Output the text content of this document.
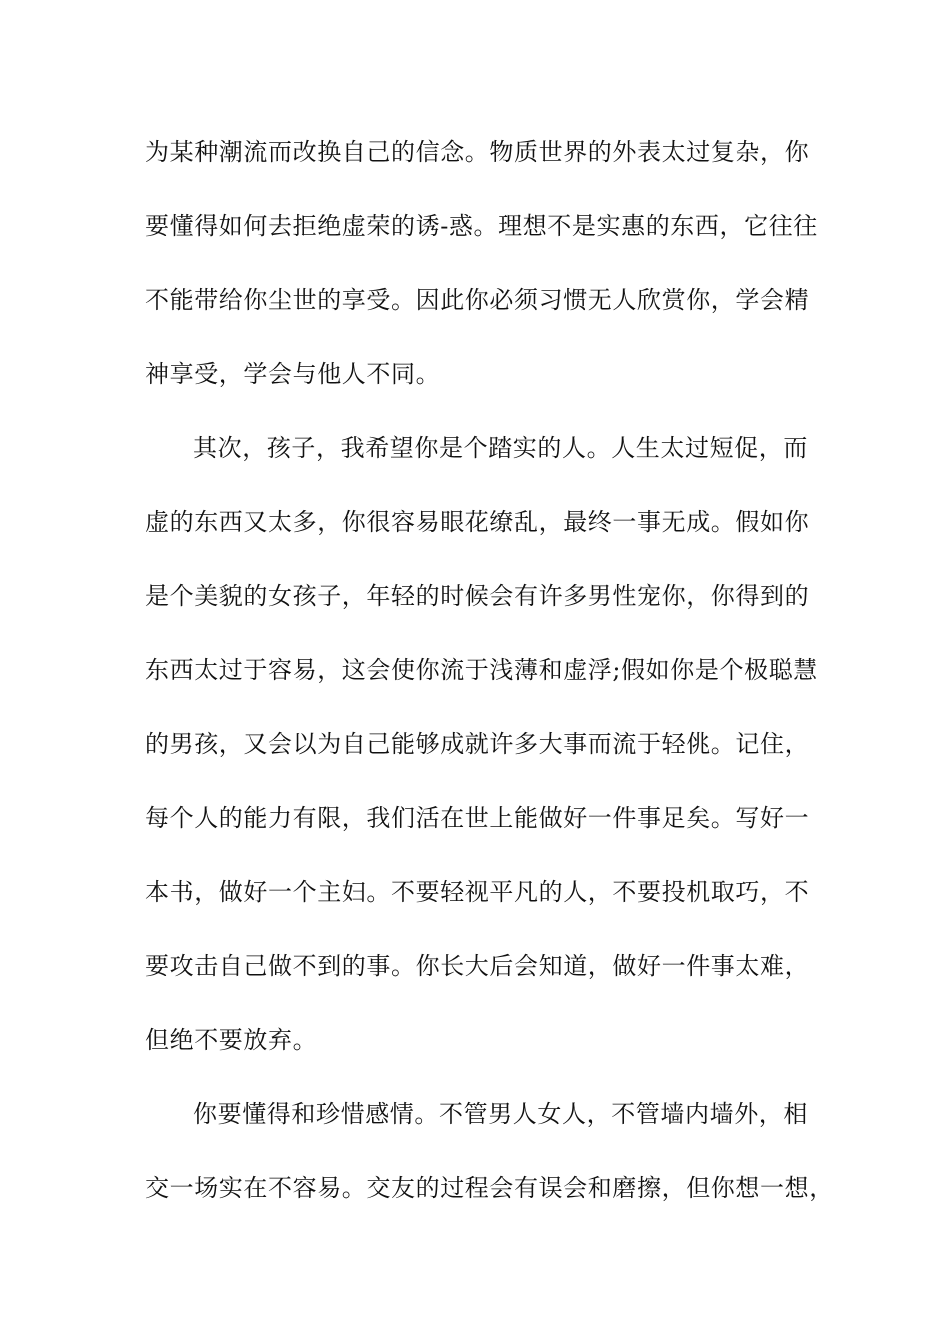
为某种潮流而改换自己的信念。物质世界的外表太过复杂，你
要懂得如何去拒绝虚荣的诱-惑。理想不是实惠的东西，它往往
不能带给你尘世的享受。因此你必须习惯无人欣赏你，学会精
神享受，学会与他人不同。
其次，孩子，我希望你是个踏实的人。人生太过短促，而
虚的东西又太多，你很容易眼花缭乱，最终一事无成。假如你
是个美貌的女孩子，年轻的时候会有许多男性宠你，你得到的
东西太过于容易，这会使你流于浅薄和虚浮;假如你是个极聪慧
的男孩，又会以为自己能够成就许多大事而流于轻佻。记住，
每个人的能力有限，我们活在世上能做好一件事足矣。写好一
本书，做好一个主妇。不要轻视平凡的人，不要投机取巧，不
要攻击自己做不到的事。你长大后会知道，做好一件事太难，
但绝不要放弃。
你要懂得和珍惜感情。不管男人女人，不管墙内墙外，相
交一场实在不容易。交友的过程会有误会和磨擦，但你想一想，
